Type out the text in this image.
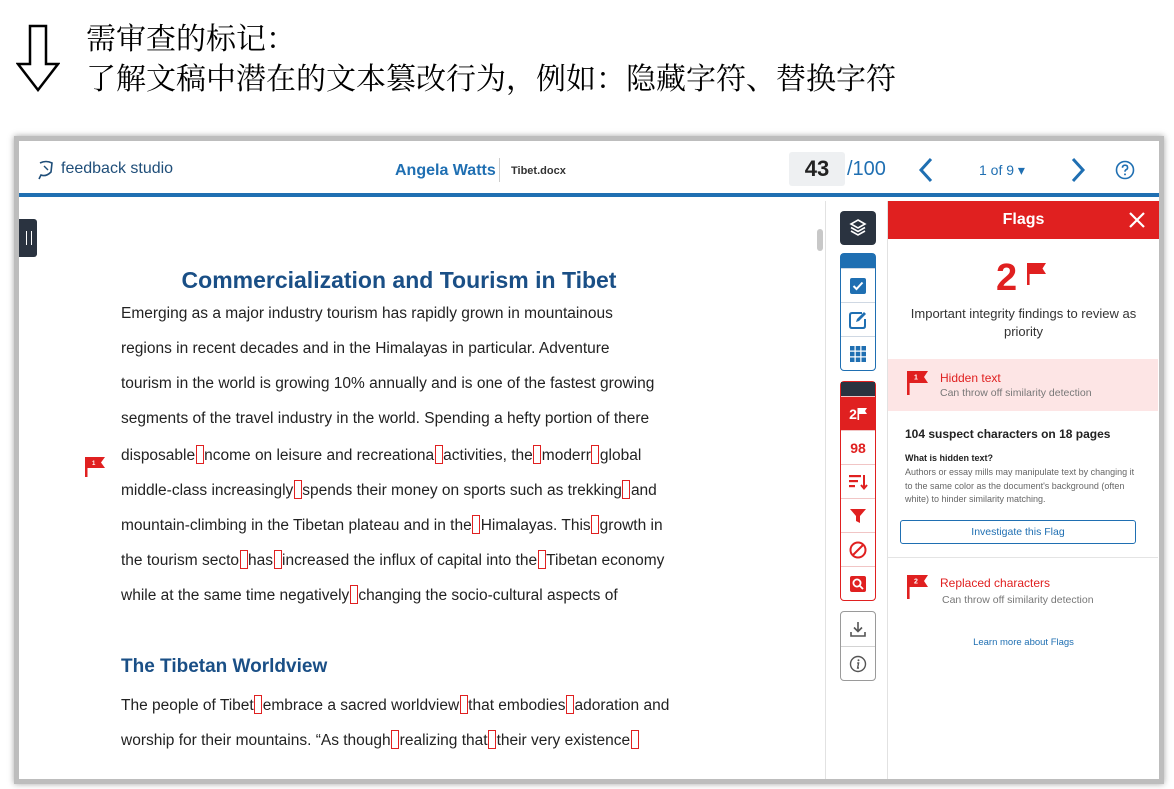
需审查的标记：
了解文稿中潜在的文本篡改行为，例如：隐藏字符、替换字符
feedback studio	Angela Watts Tibet.docx	43 /100	1 of 9 ▾
Commercialization and Tourism in Tibet
1
Emerging as a major industry tourism has rapidly grown in mountainous
regions in recent decades and in the Himalayas in particular. Adventure
tourism in the world is growing 10% annually and is one of the fastest growing
segments of the travel industry in the world. Spending a hefty portion of there
disposable ncome on leisure and recreationa activities, the moderr global
middle-class increasingly spends their money on sports such as trekking and
mountain-climbing in the Tibetan plateau and in the Himalayas. This growth in
the tourism secto has increased the influx of capital into the Tibetan economy
while at the same time negatively changing the socio-cultural aspects of
The Tibetan Worldview
The people of Tibet embrace a sacred worldview that embodies adoration and
worship for their mountains. “As though realizing that their very existence
2
98
Flags
2
Important integrity findings to review as priority
1 Hidden text
Can throw off similarity detection
104 suspect characters on 18 pages
What is hidden text?
Authors or essay mills may manipulate text by changing it to the same color as the document's background (often white) to hinder similarity matching.
Investigate this Flag
2 Replaced characters
Can throw off similarity detection
Learn more about Flags
